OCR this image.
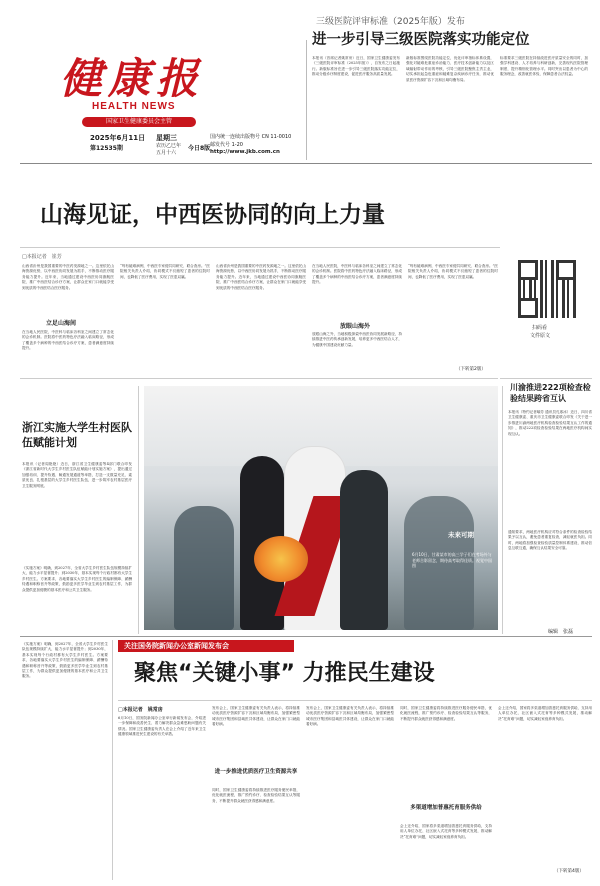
健康报
HEALTH NEWS
国家卫生健康委员会主管
2025年6月11日 星期三
农历乙巳年
五月十六
第12535期	今日8版
国内统一连续出版物号 CN 11-0010
邮发代号 1-20
http://www.jkb.com.cn
三级医院评审标准（2025年版）发布
进一步引导三级医院落实功能定位
本报讯（首席记者姚常房）近日，国家卫生健康委发布《三级医院评审标准（2025年版）》，自发布之日起施行。新版标准旨在进一步引导三级医院落实功能定位，推动分级诊疗制度建设，促进医疗服务高质量发展。
新版标准围绕医院功能定位，优化评审指标体系设置，强化对疑难危重症诊治能力、医疗技术创新能力以及区域辐射带动作用的考核，引导三级医院聚焦主责主业，切实承担起急危重症和疑难复杂疾病诊疗任务，推动优质医疗资源扩容下沉和区域均衡布局。
标准要求三级医院在持续改进医疗质量安全的同时，加强学科建设、人才培养与科研创新，完善现代医院管理制度，提升精细化管理水平。同时突出以患者为中心的服务理念，改善就医体验，保障患者合法权益。
山海见证，中西医协同的向上力量
□本报记者　崔芳
山西省沂州是我国重要的中医药发源地之一。这里依托山海资源优势，以中西医协同发展为抓手，不断推动医疗服务能力提升。近年来，当地通过建设中西医协同旗舰医院、推广中西医结合诊疗方案，让群众在家门口就能享受到优质的中西医结合医疗服务。
立足山海间
在当地人民医院，中医科与临床各科室之间建立了常态化的会诊机制。医院将中医药特色疗法融入临床路径，形成了覆盖多个病种的中西医结合诊疗方案，患者满意度持续提升。
“每有疑难病例，中西医专家便共同研究、联合查房。”医院相关负责人介绍，协同模式不仅缩短了患者的住院时间，也降低了医疗费用，实现了医患双赢。
山西省沂州是我国重要的中医药发源地之一。这里依托山海资源优势，以中西医协同发展为抓手，不断推动医疗服务能力提升。近年来，当地通过建设中西医协同旗舰医院、推广中西医结合诊疗方案，让群众在家门口就能享受到优质的中西医结合医疗服务。
在当地人民医院，中医科与临床各科室之间建立了常态化的会诊机制。医院将中医药特色疗法融入临床路径，形成了覆盖多个病种的中西医结合诊疗方案，患者满意度持续提升。
放眼山海外
放眼山海之外，当地积极探索中西医协同发展新路径，持续推进中医药传承创新发展，培养更多中西医结合人才，为健康中国建设贡献力量。
“每有疑难病例，中西医专家便共同研究、联合查房。”医院相关负责人介绍，协同模式不仅缩短了患者的住院时间，也降低了医疗费用，实现了医患双赢。
（下转第2版）
扫码看
文件原文
浙江实施大学生村医队伍赋能计划
本报讯（记者周艳艳）近日，浙江省卫生健康委等4部门联合印发《浙江省新时代大学生乡村医生队伍赋能计划实施方案》，提出通过加强培训、提升待遇、畅通发展通道等举措，打造一支数量充足、素质优良、扎根基层的大学生乡村医生队伍，进一步筑牢农村基层医疗卫生服务网底。
《实施方案》明确，到2027年，全省大学生乡村医生队伍规模持续扩大，能力水平显著提升；到2030年，基本实现每个行政村都有大学生乡村医生。方案要求，各地要落实大学生乡村医生的编制保障、薪酬待遇和职称晋升等政策，鼓励更多医学毕业生到农村基层工作，为群众提供更加便捷的基本医疗和公共卫生服务。
未来可期
6月10日，甘肃某市的高三学子们在考场外与老师合影留念，期待高考取得佳绩。视觉中国图
川渝推进222项检查检验结果跨省互认
本报讯（特约记者喻芳 通讯员孔寒冰）近日，四川省卫生健康委、重庆市卫生健康委联合印发《关于进一步推进川渝两地医疗机构检查检验结果互认工作的通知》，推动222项检查检验结果在两地医疗机构间实现互认。
通知要求，两地医疗机构应对符合条件的检查检验结果予以互认，避免患者重复检查，减轻就医负担。同时，两地将加强检查检验质量控制体系建设，推动信息互联互通，确保互认结果安全可靠。
编辑　张磊
关注国务院新闻办公室新闻发布会
聚焦“关键小事” 力推民生建设
□本报记者　姚常房
6月10日，国务院新闻办公室举行新闻发布会，介绍进一步保障和改善民生、着力解决群众急难愁盼问题有关情况。国家卫生健康委负责人在会上介绍了近年来卫生健康领域推进民生建设的有关举措。
发布会上，国家卫生健康委有关负责人表示，将持续推动优质医疗资源扩容下沉和区域均衡布局，加强紧密型城市医疗集团和县域医共体建设，让群众在家门口就能看好病。
进一步推进优质医疗卫生资源共享
同时，国家卫生健康委将持续推进医疗服务便民举措，优化就医流程，推广预约诊疗、检查检验结果互认等服务，不断提升群众就医获得感和满意度。
发布会上，国家卫生健康委有关负责人表示，将持续推动优质医疗资源扩容下沉和区域均衡布局，加强紧密型城市医疗集团和县域医共体建设，让群众在家门口就能看好病。
同时，国家卫生健康委将持续推进医疗服务便民举措，优化就医流程，推广预约诊疗、检查检验结果互认等服务，不断提升群众就医获得感和满意度。
多渠道增加普惠托育服务供给
会上还介绍，国家将多渠道增加普惠托育服务供给，支持用人单位办托、社区嵌入式托育等多种模式发展，推动解决“托育难”问题，切实减轻家庭养育负担。
会上还介绍，国家将多渠道增加普惠托育服务供给，支持用人单位办托、社区嵌入式托育等多种模式发展，推动解决“托育难”问题，切实减轻家庭养育负担。
（下转第4版）
《实施方案》明确，到2027年，全省大学生乡村医生队伍规模持续扩大，能力水平显著提升；到2030年，基本实现每个行政村都有大学生乡村医生。方案要求，各地要落实大学生乡村医生的编制保障、薪酬待遇和职称晋升等政策，鼓励更多医学毕业生到农村基层工作，为群众提供更加便捷的基本医疗和公共卫生服务。
